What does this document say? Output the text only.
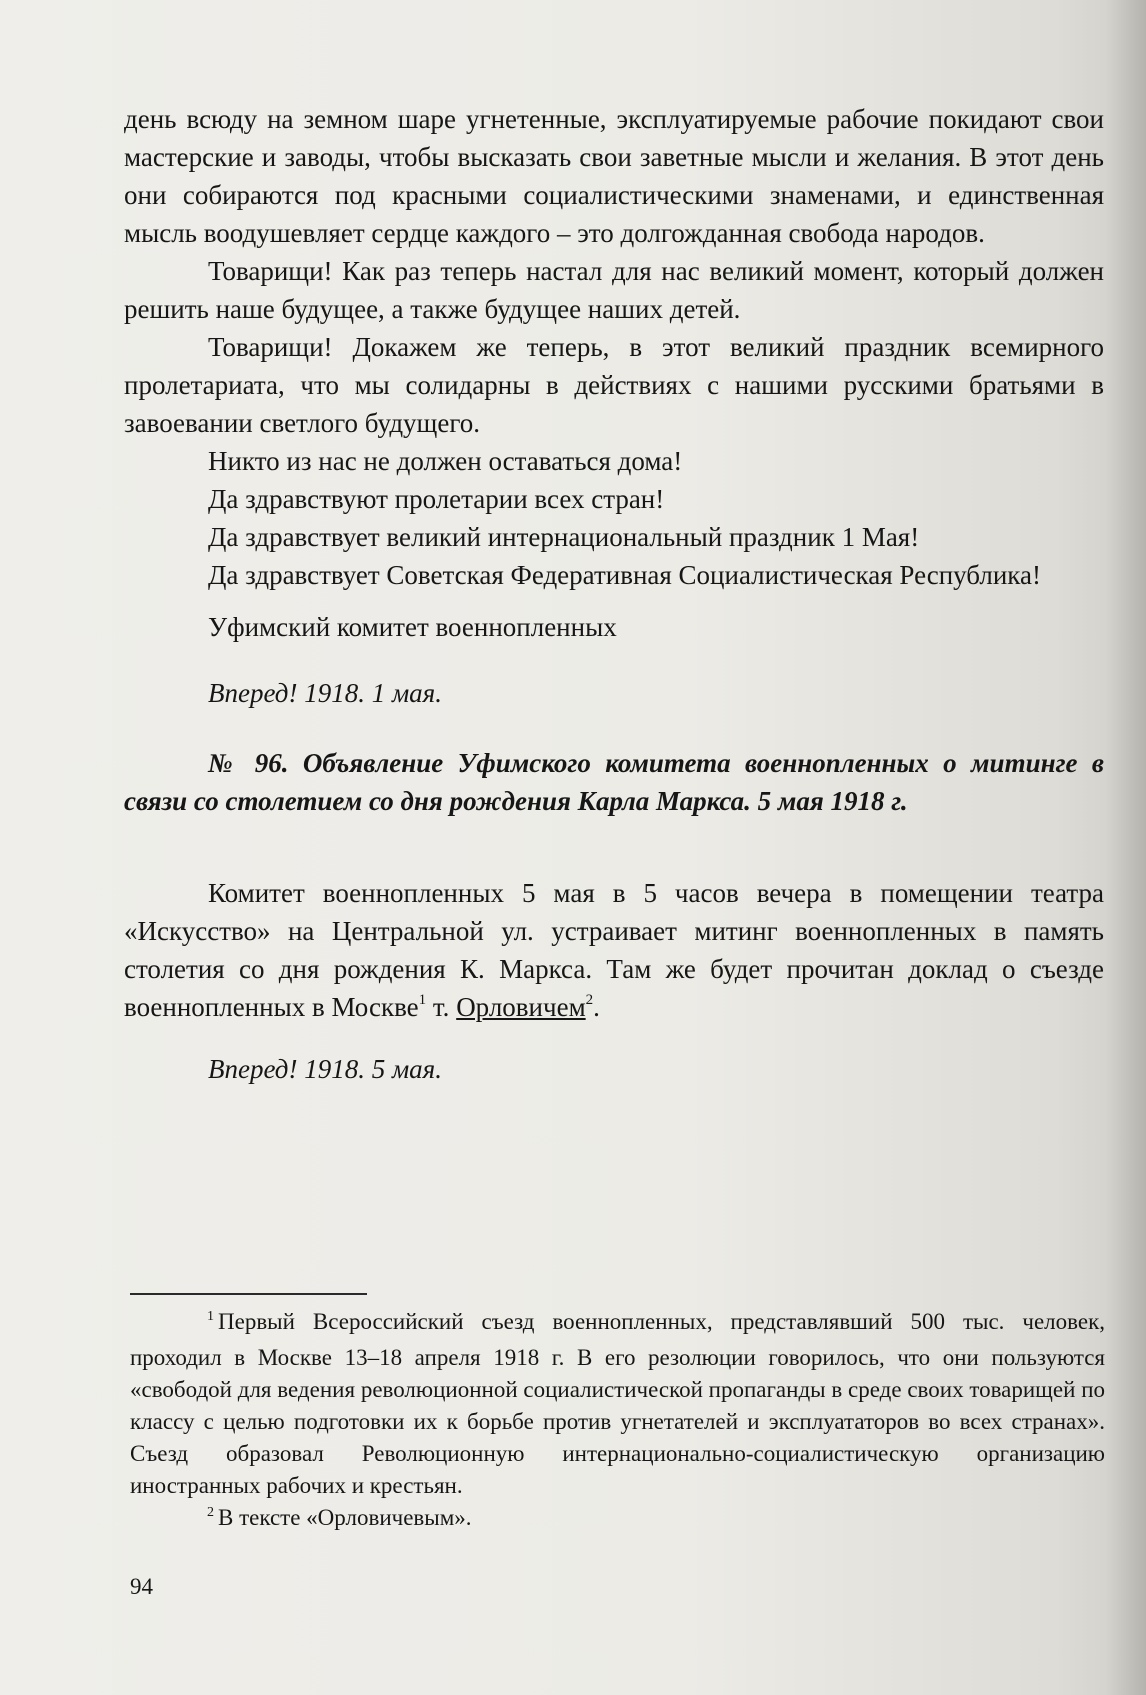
день всюду на земном шаре угнетенные, эксплуатируемые рабочие покидают свои мастерские и заводы, чтобы высказать свои заветные мысли и желания. В этот день они собираются под красными социалистическими знаменами, и единственная мысль воодушевляет сердце каждого – это долгожданная свобода народов.

Товарищи! Как раз теперь настал для нас великий момент, который должен решить наше будущее, а также будущее наших детей.

Товарищи! Докажем же теперь, в этот великий праздник всемирного пролетариата, что мы солидарны в действиях с нашими русскими братьями в завоевании светлого будущего.

Никто из нас не должен оставаться дома!

Да здравствуют пролетарии всех стран!

Да здравствует великий интернациональный праздник 1 Мая!

Да здравствует Советская Федеративная Социалистическая Республика!

Уфимский комитет военнопленных

Вперед! 1918. 1 мая.

№ 96. Объявление Уфимского комитета военнопленных о митинге в связи со столетием со дня рождения Карла Маркса. 5 мая 1918 г.

Комитет военнопленных 5 мая в 5 часов вечера в помещении театра «Искусство» на Центральной ул. устраивает митинг военнопленных в память столетия со дня рождения К. Маркса. Там же будет прочитан доклад о съезде военнопленных в Москве$^1$ т. Орловичем$^2$.

Вперед! 1918. 5 мая.

$^1$ Первый Всероссийский съезд военнопленных, представлявший 500 тыс. человек, проходил в Москве 13–18 апреля 1918 г. В его резолюции говорилось, что они пользуются «свободой для ведения революционной социалистической пропаганды в среде своих товарищей по классу с целью подготовки их к борьбе против угнетателей и эксплуататоров во всех странах». Съезд образовал Революционную интернационально-социалистическую организацию иностранных рабочих и крестьян.

$^2$ В тексте «Орловичевым».

94
